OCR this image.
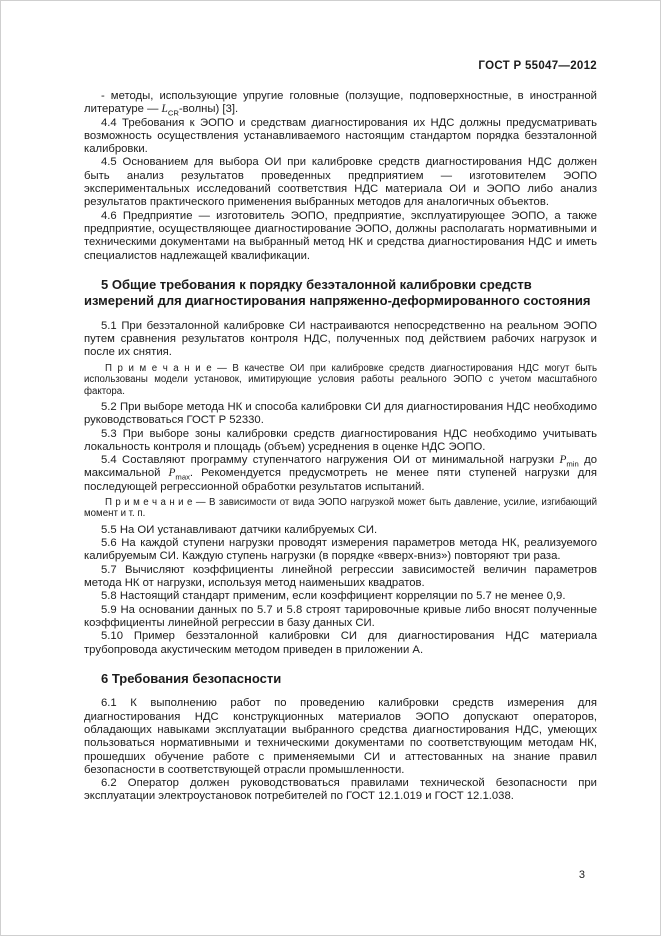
ГОСТ Р 55047—2012

- методы, использующие упругие головные (ползущие, подповерхностные, в иностранной литературе — $L_{CR}-волны$) [3].

4.4 Требования к ЭОПО и средствам диагностирования их НДС должны предусматривать возможность осуществления устанавливаемого настоящим стандартом порядка безэталонной калибровки.

4.5 Основанием для выбора ОИ при калибровке средств диагностирования НДС должен быть анализ результатов проведенных предприятием — изготовителем ЭОПО экспериментальных исследований соответствия НДС материала ОИ и ЭОПО либо анализ результатов практического применения выбранных методов для аналогичных объектов.

4.6 Предприятие — изготовитель ЭОПО, предприятие, эксплуатирующее ЭОПО, а также предприятие, осуществляющее диагностирование ЭОПО, должны располагать нормативными и техническими документами на выбранный метод НК и средства диагностирования НДС и иметь специалистов надлежащей квалификации.

5 Общие требования к порядку безэталонной калибровки средств измерений для диагностирования напряженно-деформированного состояния

5.1 При безэталонной калибровке СИ настраиваются непосредственно на реальном ЭОПО путем сравнения результатов контроля НДС, полученных под действием рабочих нагрузок и после их снятия.

П р и м е ч а н и е — В качестве ОИ при калибровке средств диагностирования НДС могут быть использованы модели установок, имитирующие условия работы реального ЭОПО с учетом масштабного фактора.

5.2 При выборе метода НК и способа калибровки СИ для диагностирования НДС необходимо руководствоваться ГОСТ Р 52330.

5.3 При выборе зоны калибровки средств диагностирования НДС необходимо учитывать локальность контроля и площадь (объем) усреднения в оценке НДС ЭОПО.

5.4 Составляют программу ступенчатого нагружения ОИ от минимальной нагрузки $P_{min}$ до максимальной $P_{max}$. Рекомендуется предусмотреть не менее пяти ступеней нагрузки для последующей регрессионной обработки результатов испытаний.

П р и м е ч а н и е — В зависимости от вида ЭОПО нагрузкой может быть давление, усилие, изгибающий момент и т. п.

5.5 На ОИ устанавливают датчики калибруемых СИ.

5.6 На каждой ступени нагрузки проводят измерения параметров метода НК, реализуемого калибруемым СИ. Каждую ступень нагрузки (в порядке «вверх-вниз») повторяют три раза.

5.7 Вычисляют коэффициенты линейной регрессии зависимостей величин параметров метода НК от нагрузки, используя метод наименьших квадратов.

5.8 Настоящий стандарт применим, если коэффициент корреляции по 5.7 не менее 0,9.

5.9 На основании данных по 5.7 и 5.8 строят тарировочные кривые либо вносят полученные коэффициенты линейной регрессии в базу данных СИ.

5.10 Пример безэталонной калибровки СИ для диагностирования НДС материала трубопровода акустическим методом приведен в приложении А.

6 Требования безопасности

6.1 К выполнению работ по проведению калибровки средств измерения для диагностирования НДС конструкционных материалов ЭОПО допускают операторов, обладающих навыками эксплуатации выбранного средства диагностирования НДС, умеющих пользоваться нормативными и техническими документами по соответствующим методам НК, прошедших обучение работе с применяемыми СИ и аттестованных на знание правил безопасности в соответствующей отрасли промышленности.

6.2 Оператор должен руководствоваться правилами технической безопасности при эксплуатации электроустановок потребителей по ГОСТ 12.1.019 и ГОСТ 12.1.038.

3
